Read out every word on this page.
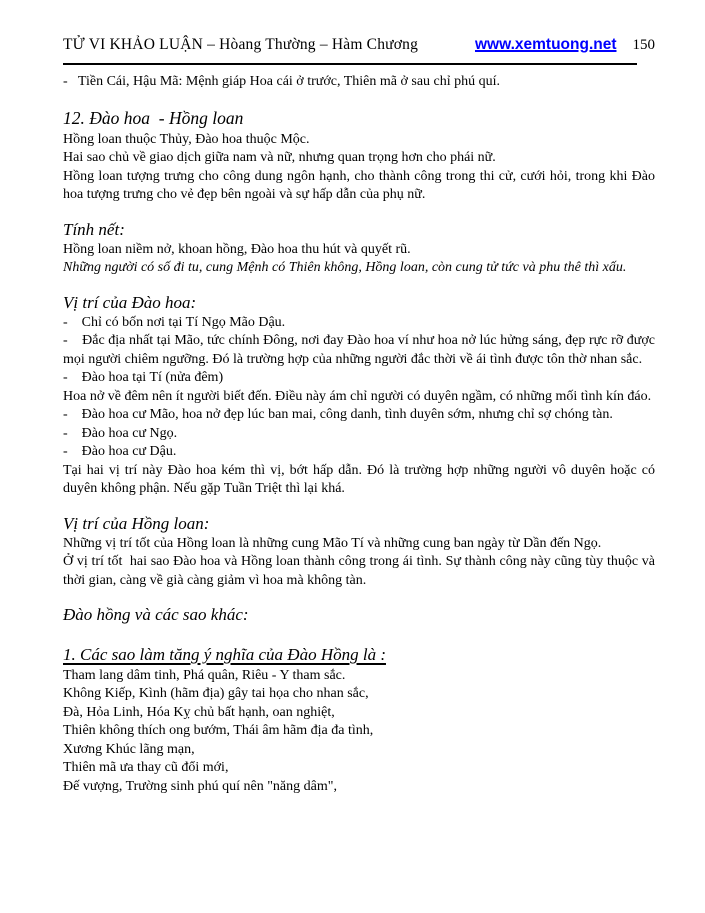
TỬ VI KHẢO LUẬN – Hòang Thường – Hàm Chương	www.xemtuong.net 150
-   Tiền Cái, Hậu Mã: Mệnh giáp Hoa cái ở trước, Thiên mã ở sau chỉ phú quí.
12. Đào hoa  - Hồng loan
Hồng loan thuộc Thủy, Đào hoa thuộc Mộc.
Hai sao chủ về giao dịch giữa nam và nữ, nhưng quan trọng hơn cho phái nữ.
Hồng loan tượng trưng cho công dung ngôn hạnh, cho thành công trong thi cử, cưới hỏi, trong khi Đào hoa tượng trưng cho vẻ đẹp bên ngoài và sự hấp dẫn của phụ nữ.
Tính nết:
Hồng loan niềm nở, khoan hồng, Đào hoa thu hút và quyết rũ.
Những người có số đi tu, cung Mệnh có Thiên không, Hồng loan, còn cung tử tức và phu thê thì xấu.
Vị trí của Đào hoa:
-    Chỉ có bốn nơi tại Tí Ngọ Mão Dậu.
-    Đắc địa nhất tại Mão, tức chính Đông, nơi đay Đào hoa ví như hoa nở lúc hửng sáng, đẹp rực rỡ được mọi người chiêm ngưỡng. Đó là trường hợp của những người đắc thời về ái tình được tôn thờ nhan sắc.
-    Đào hoa tại Tí (nửa đêm)
Hoa nở về đêm nên ít người biết đến. Điều này ám chỉ người có duyên ngầm, có những mối tình kín đáo.
-    Đào hoa cư Mão, hoa nở đẹp lúc ban mai, công danh, tình duyên sớm, nhưng chỉ sợ chóng tàn.
-    Đào hoa cư Ngọ.
-    Đào hoa cư Dậu.
Tại hai vị trí này Đào hoa kém thì vị, bớt hấp dẫn. Đó là trường hợp những người vô duyên hoặc có duyên không phận. Nếu gặp Tuần Triệt thì lại khá.
Vị trí của Hồng loan:
Những vị trí tốt của Hồng loan là những cung Mão Tí và những cung ban ngày từ Dần đến Ngọ.
Ở vị trí tốt  hai sao Đào hoa và Hồng loan thành công trong ái tình. Sự thành công này cũng tùy thuộc và thời gian, càng về già càng giảm vì hoa mà không tàn.
Đào hồng và các sao khác:
1. Các sao làm tăng ý nghĩa của Đào Hồng là :
Tham lang dâm tinh, Phá quân, Riêu - Y tham sắc.
Không Kiếp, Kình (hãm địa) gây tai họa cho nhan sắc,
Đà, Hỏa Linh, Hóa Kỵ chủ bất hạnh, oan nghiệt,
Thiên không thích ong bướm, Thái âm hãm địa đa tình,
Xương Khúc lãng mạn,
Thiên mã ưa thay cũ đổi mới,
Đế vượng, Trường sinh phú quí nên "năng dâm",
